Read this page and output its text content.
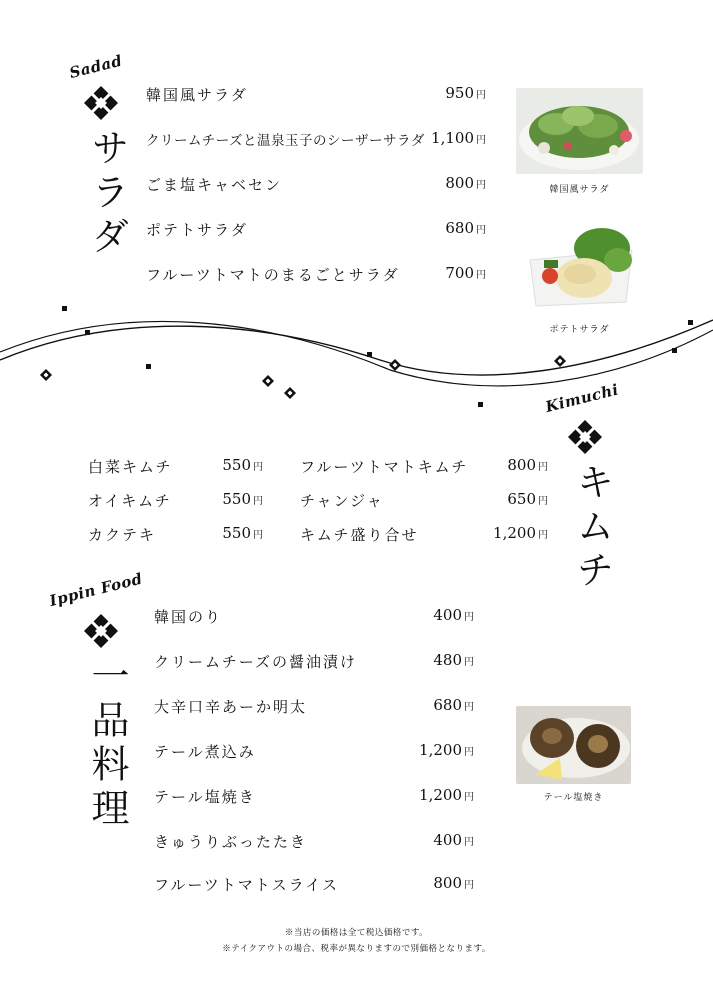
Sadad
サラダ
韓国風サラダ	950 円
クリームチーズと温泉玉子のシーザーサラダ 1,100 円
ごま塩キャベセン	800 円
ポテトサラダ	680 円
フルーツトマトのまるごとサラダ	700 円
韓国風サラダ
ポテトサラダ
Kimuchi
キムチ
白菜キムチ	550 円
オイキムチ	550 円
カクテキ	550 円
フルーツトマトキムチ	800 円
チャンジャ	650 円
キムチ盛り合せ	1,200 円
Ippin Food
一品料理
韓国のり	400 円
クリームチーズの醤油漬け	480 円
大辛口辛あーか明太	680 円
テール煮込み	1,200 円
テール塩焼き	1,200 円
きゅうりぶったたき	400 円
フルーツトマトスライス	800 円
テール塩焼き
※当店の価格は全て税込価格です。
※テイクアウトの場合、税率が異なりますので別価格となります。
